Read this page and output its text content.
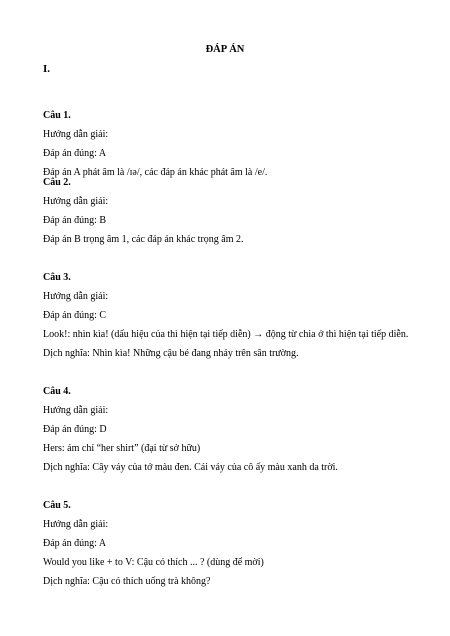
ĐÁP ÁN
I.
Câu 1.
Hướng dẫn giải:
Đáp án đúng: A
Đáp án A phát âm là /ɪə/, các đáp án khác phát âm là /e/.
Câu 2.
Hướng dẫn giải:
Đáp án đúng: B
Đáp án B trọng âm 1, các đáp án khác trọng âm 2.
Câu 3.
Hướng dẫn giải:
Đáp án đúng: C
Look!: nhìn kìa! (dấu hiệu của thì hiện tại tiếp diễn) → động từ chia ở thì hiện tại tiếp diễn.
Dịch nghĩa: Nhìn kìa! Những cậu bé đang nhảy trên sân trường.
Câu 4.
Hướng dẫn giải:
Đáp án đúng: D
Hers: ám chỉ “her shirt” (đại từ sở hữu)
Dịch nghĩa: Cây váy của tớ màu đen. Cái váy của cô ấy màu xanh da trời.
Câu 5.
Hướng dẫn giải:
Đáp án đúng: A
Would you like + to V: Cậu có thích ... ? (dùng để mời)
Dịch nghĩa: Cậu có thích uống trà không?
